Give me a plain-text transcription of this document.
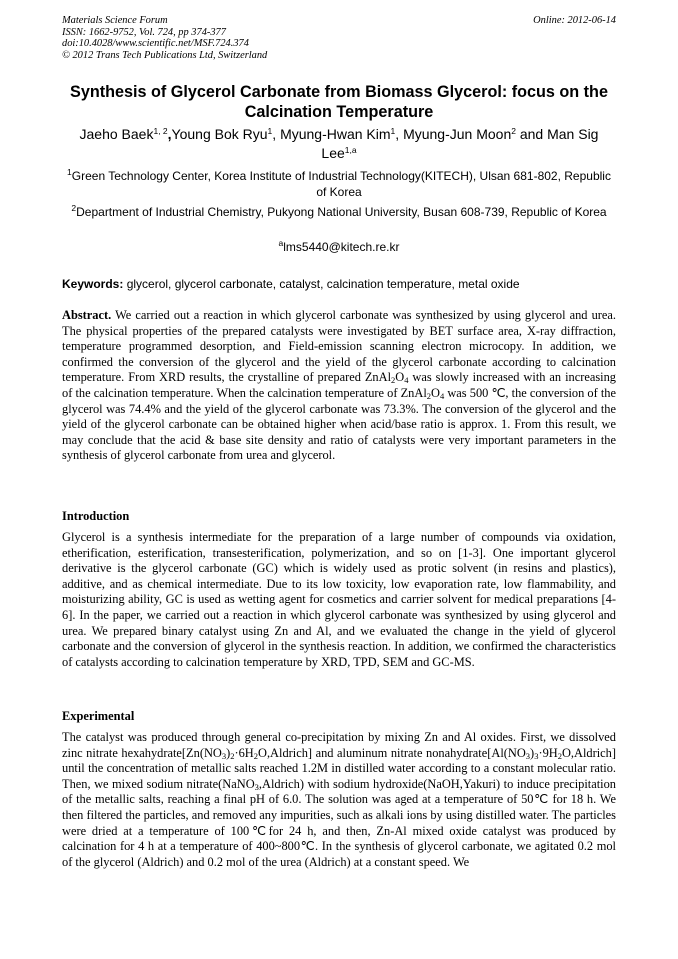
Materials Science Forum
ISSN: 1662-9752, Vol. 724, pp 374-377
doi:10.4028/www.scientific.net/MSF.724.374
© 2012 Trans Tech Publications Ltd, Switzerland
Online: 2012-06-14
Synthesis of Glycerol Carbonate from Biomass Glycerol: focus on the Calcination Temperature
Jaeho Baek$^{1, 2}$,Young Bok Ryu$^1$, Myung-Hwan Kim$^1$, Myung-Jun Moon$^2$ and Man Sig Lee$^{1,a}$
$^1$Green Technology Center, Korea Institute of Industrial Technology(KITECH), Ulsan 681-802, Republic of Korea
$^2$Department of Industrial Chemistry, Pukyong National University, Busan 608-739, Republic of Korea
$^a$lms5440@kitech.re.kr
Keywords: glycerol, glycerol carbonate, catalyst, calcination temperature, metal oxide
Abstract. We carried out a reaction in which glycerol carbonate was synthesized by using glycerol and urea. The physical properties of the prepared catalysts were investigated by BET surface area, X-ray diffraction, temperature programmed desorption, and Field-emission scanning electron microcopy. In addition, we confirmed the conversion of the glycerol and the yield of the glycerol carbonate according to calcination temperature. From XRD results, the crystalline of prepared $ZnAl_2O_4$ was slowly increased with an increasing of the calcination temperature. When the calcination temperature of $ZnAl_2O_4$ was 500 ℃, the conversion of the glycerol was 74.4% and the yield of the glycerol carbonate was 73.3%. The conversion of the glycerol and the yield of the glycerol carbonate can be obtained higher when acid/base ratio is approx. 1. From this result, we may conclude that the acid & base site density and ratio of catalysts were very important parameters in the synthesis of glycerol carbonate from urea and glycerol.
Introduction
Glycerol is a synthesis intermediate for the preparation of a large number of compounds via oxidation, etherification, esterification, transesterification, polymerization, and so on [1-3]. One important glycerol derivative is the glycerol carbonate (GC) which is widely used as protic solvent (in resins and plastics), additive, and as chemical intermediate. Due to its low toxicity, low evaporation rate, low flammability, and moisturizing ability, GC is used as wetting agent for cosmetics and carrier solvent for medical preparations [4-6]. In the paper, we carried out a reaction in which glycerol carbonate was synthesized by using glycerol and urea. We prepared binary catalyst using Zn and Al, and we evaluated the change in the yield of glycerol carbonate and the conversion of glycerol in the synthesis reaction. In addition, we confirmed the characteristics of catalysts according to calcination temperature by XRD, TPD, SEM and GC-MS.
Experimental
The catalyst was produced through general co-precipitation by mixing Zn and Al oxides. First, we dissolved zinc nitrate $hexahydrate[Zn(NO_3)_2\cdot 6H_2O,Aldrich]$ and aluminum nitrate $nonahydrate[Al(NO_3)_3\cdot 9H_2O,Aldrich]$ until the concentration of metallic salts reached 1.2M in distilled water according to a constant molecular ratio. Then, we mixed sodium nitrate(NaNO$_3$,Aldrich) with sodium hydroxide(NaOH,Yakuri) to induce precipitation of the metallic salts, reaching a final pH of 6.0. The solution was aged at a temperature of 50℃ for 18 h. We then filtered the particles, and removed any impurities, such as alkali ions by using distilled water. The particles were dried at a temperature of 100℃for 24 h, and then, Zn-Al mixed oxide catalyst was produced by calcination for 4 h at a temperature of 400~800℃. In the synthesis of glycerol carbonate, we agitated 0.2 mol of the glycerol (Aldrich) and 0.2 mol of the urea (Aldrich) at a constant speed. We
